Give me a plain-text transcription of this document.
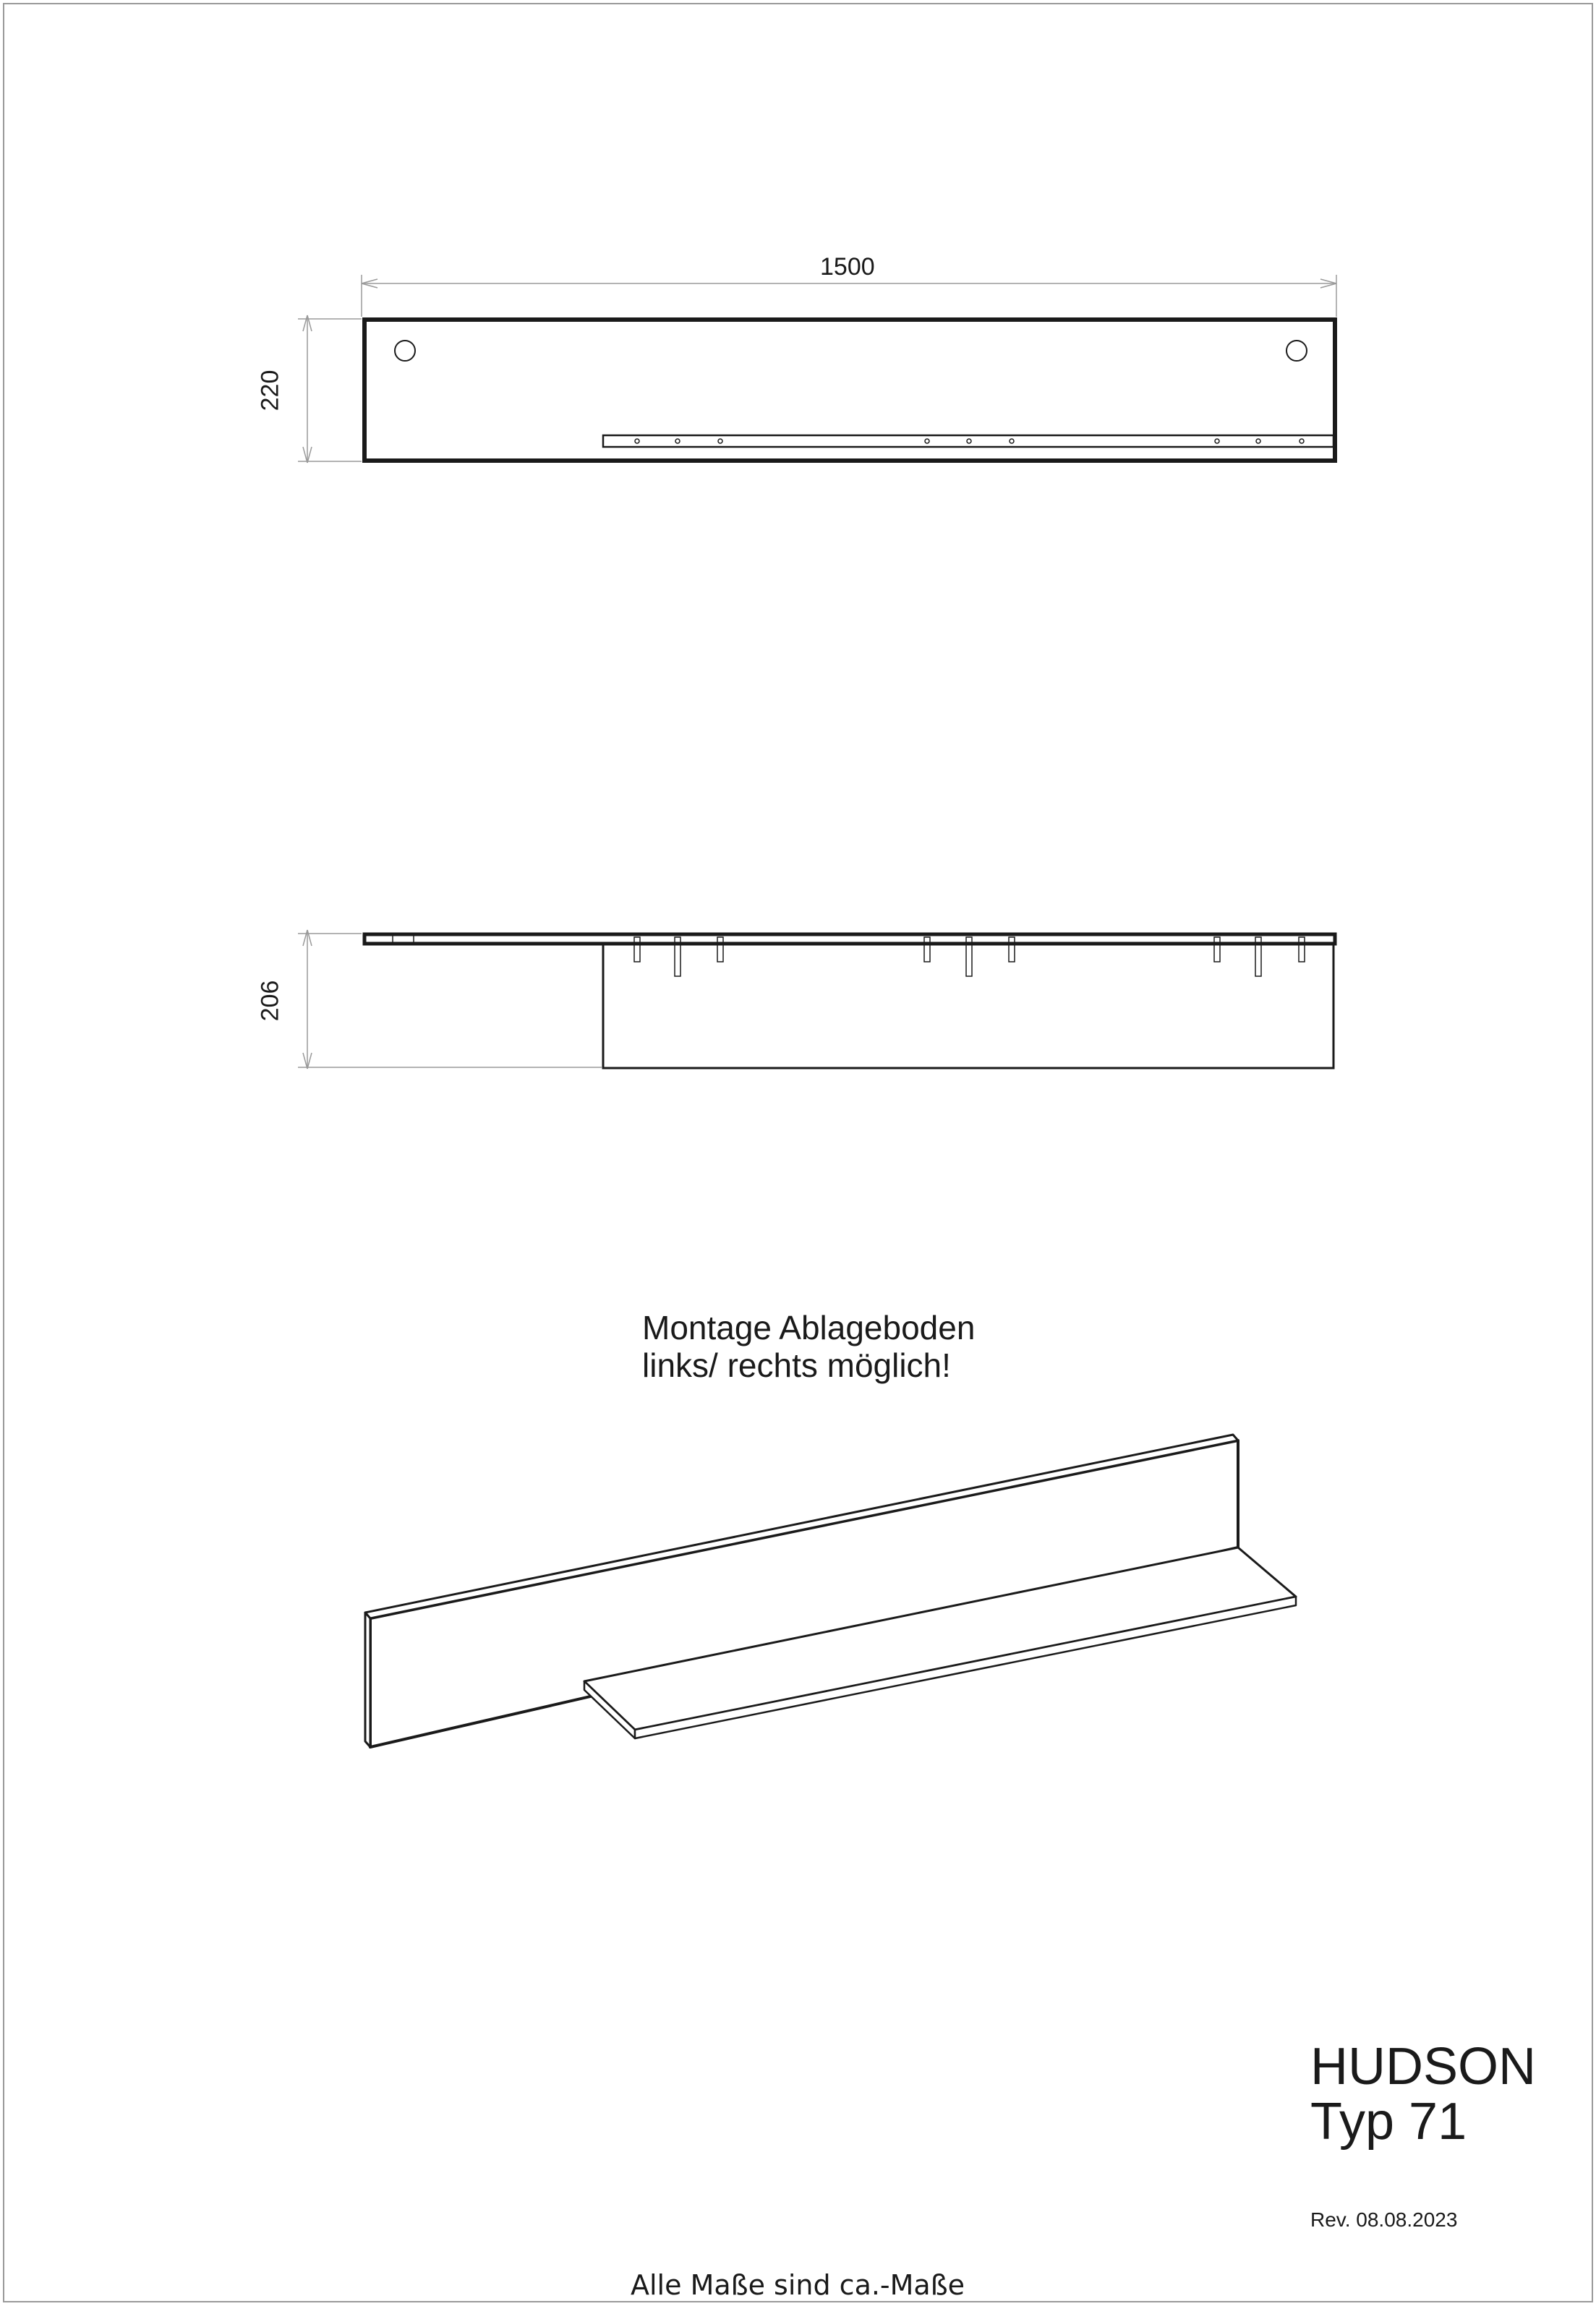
1500
220
206
Montage Ablageboden
links/ rechts möglich!
HUDSON
Typ 71
Rev. 08.08.2023
Alle Maße sind ca.-Maße
